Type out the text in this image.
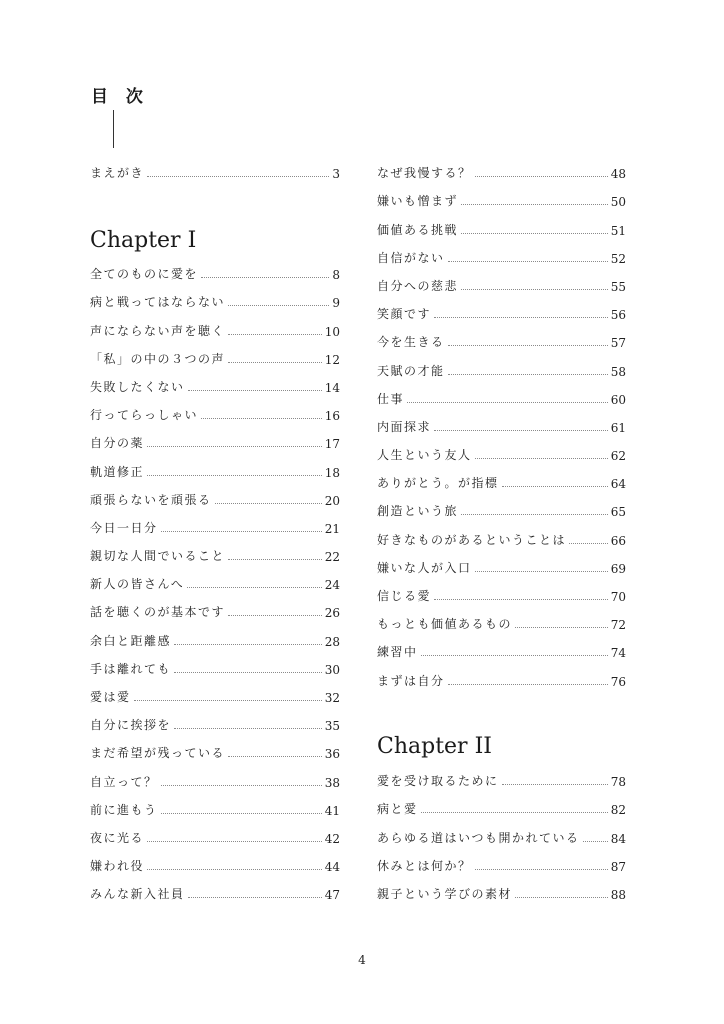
目 次
まえがき	3
Chapter I
全てのものに愛を	8
病と戦ってはならない	9
声にならない声を聴く	10
「私」の中の３つの声	12
失敗したくない	14
行ってらっしゃい	16
自分の薬	17
軌道修正	18
頑張らないを頑張る	20
今日一日分	21
親切な人間でいること	22
新人の皆さんへ	24
話を聴くのが基本です	26
余白と距離感	28
手は離れても	30
愛は愛	32
自分に挨拶を	35
まだ希望が残っている	36
自立って？	38
前に進もう	41
夜に光る	42
嫌われ役	44
みんな新入社員	47
なぜ我慢する？	48
嫌いも憎まず	50
価値ある挑戦	51
自信がない	52
自分への慈悲	55
笑顔です	56
今を生きる	57
天賦の才能	58
仕事	60
内面探求	61
人生という友人	62
ありがとう。が指標	64
創造という旅	65
好きなものがあるということは	66
嫌いな人が入口	69
信じる愛	70
もっとも価値あるもの	72
練習中	74
まずは自分	76
Chapter II
愛を受け取るために	78
病と愛	82
あらゆる道はいつも開かれている	84
休みとは何か？	87
親子という学びの素材	88
4
